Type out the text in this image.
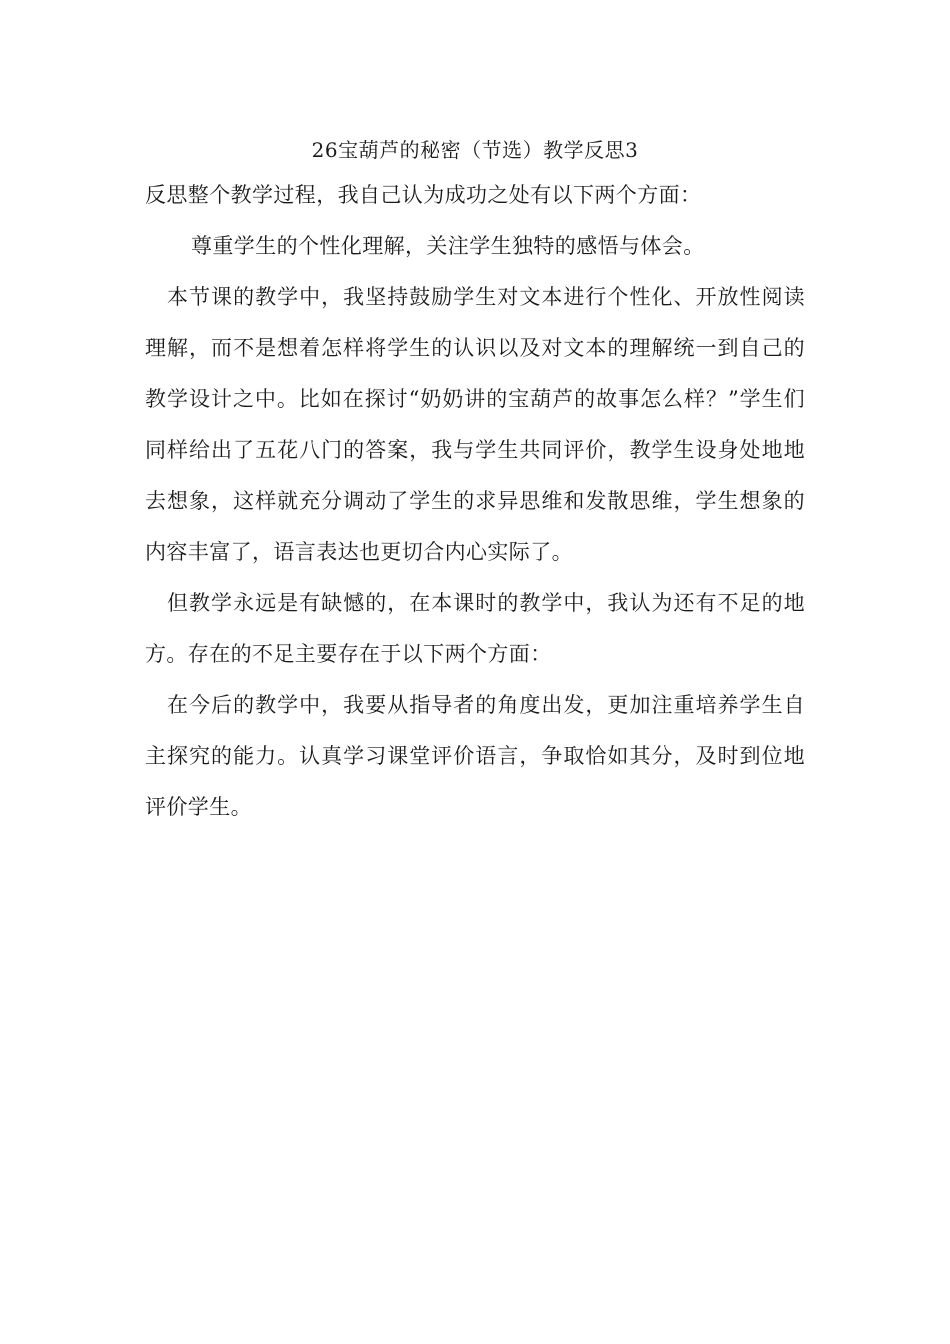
26宝葫芦的秘密（节选）教学反思3

反思整个教学过程，我自己认为成功之处有以下两个方面：

尊重学生的个性化理解，关注学生独特的感悟与体会。

本节课的教学中，我坚持鼓励学生对文本进行个性化、开放性阅读理解，而不是想着怎样将学生的认识以及对文本的理解统一到自己的教学设计之中。比如在探讨“奶奶讲的宝葫芦的故事怎么样？”学生们同样给出了五花八门的答案，我与学生共同评价，教学生设身处地地去想象，这样就充分调动了学生的求异思维和发散思维，学生想象的内容丰富了，语言表达也更切合内心实际了。

但教学永远是有缺憾的，在本课时的教学中，我认为还有不足的地方。存在的不足主要存在于以下两个方面：

在今后的教学中，我要从指导者的角度出发，更加注重培养学生自主探究的能力。认真学习课堂评价语言，争取恰如其分，及时到位地评价学生。
